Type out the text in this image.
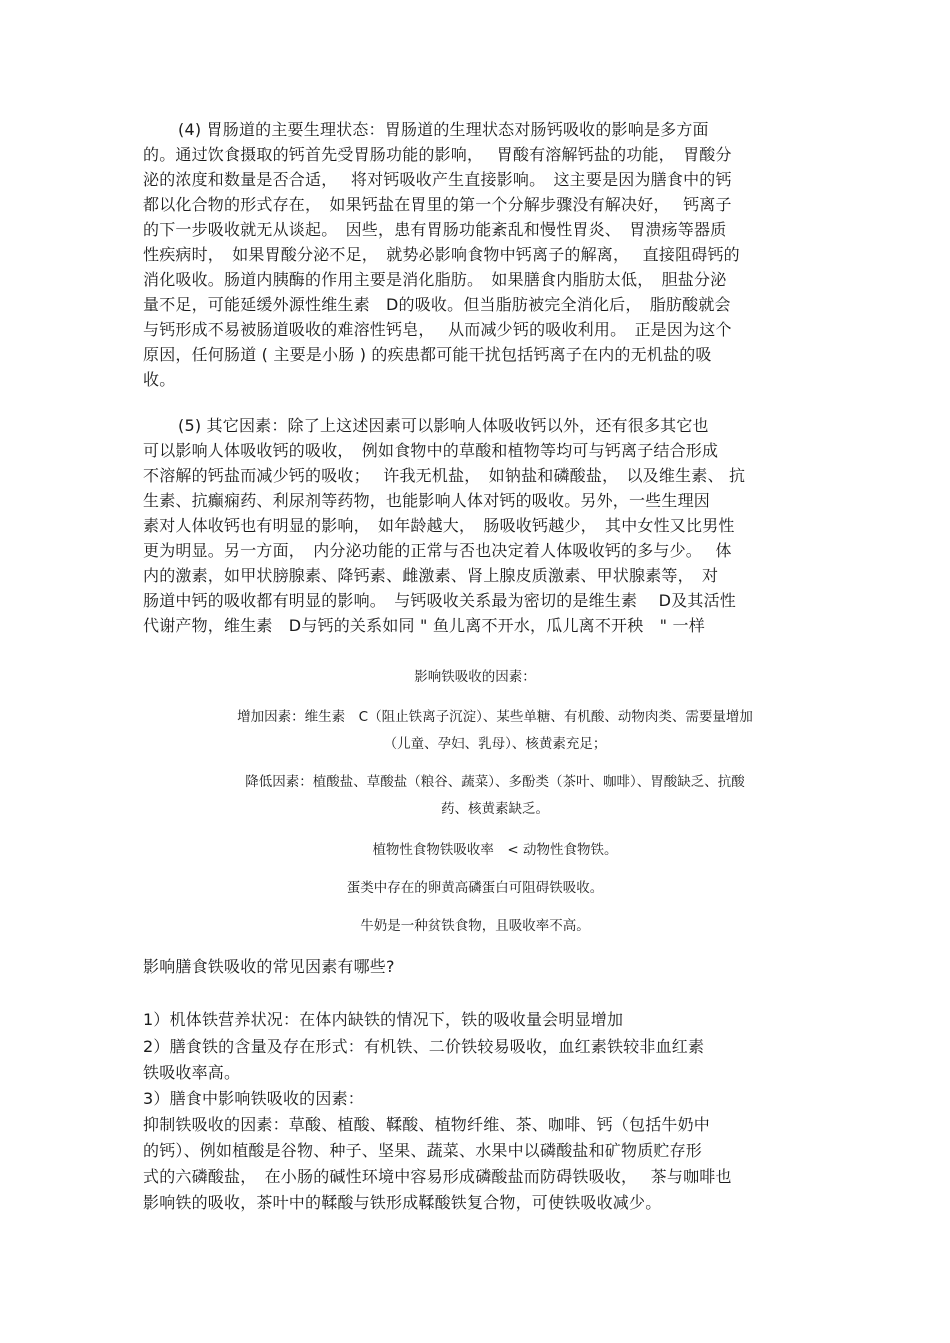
(4) 胃肠道的主要生理状态：胃肠道的生理状态对肠钙吸收的影响是多方面

的。通过饮食摄取的钙首先受胃肠功能的影响，　 胃酸有溶解钙盐的功能，　胃酸分

泌的浓度和数量是否合适，　 将对钙吸收产生直接影响。　这主要是因为膳食中的钙

都以化合物的形式存在，　如果钙盐在胃里的第一个分解步骤没有解决好，　 钙离子

的下一步吸收就无从谈起。　因些，患有胃肠功能紊乱和慢性胃炎、　胃溃疡等器质

性疾病时，　如果胃酸分泌不足，　就势必影响食物中钙离子的解离，　 直接阻碍钙的

消化吸收。肠道内胰酶的作用主要是消化脂肪。　如果膳食内脂肪太低，　胆盐分泌

量不足，可能延缓外源性维生素　D的吸收。但当脂肪被完全消化后，　脂肪酸就会

与钙形成不易被肠道吸收的难溶性钙皂，　 从而减少钙的吸收利用。　正是因为这个

原因，任何肠道 ( 主要是小肠 ) 的疾患都可能干扰包括钙离子在内的无机盐的吸

收。

(5) 其它因素：除了上这述因素可以影响人体吸收钙以外，还有很多其它也

可以影响人体吸收钙的吸收，　例如食物中的草酸和植物等均可与钙离子结合形成

不溶解的钙盐而减少钙的吸收；　 许我无机盐，　如钠盐和磷酸盐，　以及维生素、 抗

生素、抗癫痫药、利尿剂等药物，也能影响人体对钙的吸收。另外，一些生理因

素对人体收钙也有明显的影响，　如年龄越大，　肠吸收钙越少，　其中女性又比男性

更为明显。另一方面，　内分泌功能的正常与否也决定着人体吸收钙的多与少。　 体

内的激素，如甲状膀腺素、降钙素、雌激素、肾上腺皮质激素、甲状腺素等，　对

肠道中钙的吸收都有明显的影响。　与钙吸收关系最为密切的是维生素　 D及其活性

代谢产物，维生素　D与钙的关系如同 " 鱼儿离不开水，瓜儿离不开秧　" 一样

影响铁吸收的因素：

增加因素：维生素　C（阻止铁离子沉淀）、某些单糖、有机酸、动物肉类、需要量增加

（儿童、孕妇、乳母）、核黄素充足；

降低因素：植酸盐、草酸盐（粮谷、蔬菜）、多酚类（茶叶、咖啡）、胃酸缺乏、抗酸

药、核黄素缺乏。

植物性食物铁吸收率　< 动物性食物铁。

蛋类中存在的卵黄高磷蛋白可阻碍铁吸收。

牛奶是一种贫铁食物，且吸收率不高。

影响膳食铁吸收的常见因素有哪些?

1）机体铁营养状况：在体内缺铁的情况下，铁的吸收量会明显增加

2）膳食铁的含量及存在形式：有机铁、二价铁较易吸收，血红素铁较非血红素

铁吸收率高。

3）膳食中影响铁吸收的因素：

抑制铁吸收的因素：草酸、植酸、鞣酸、植物纤维、茶、咖啡、钙（包括牛奶中

的钙）、例如植酸是谷物、种子、坚果、蔬菜、水果中以磷酸盐和矿物质贮存形

式的六磷酸盐，　在小肠的碱性环境中容易形成磷酸盐而防碍铁吸收，　 茶与咖啡也

影响铁的吸收，茶叶中的鞣酸与铁形成鞣酸铁复合物，可使铁吸收减少。
